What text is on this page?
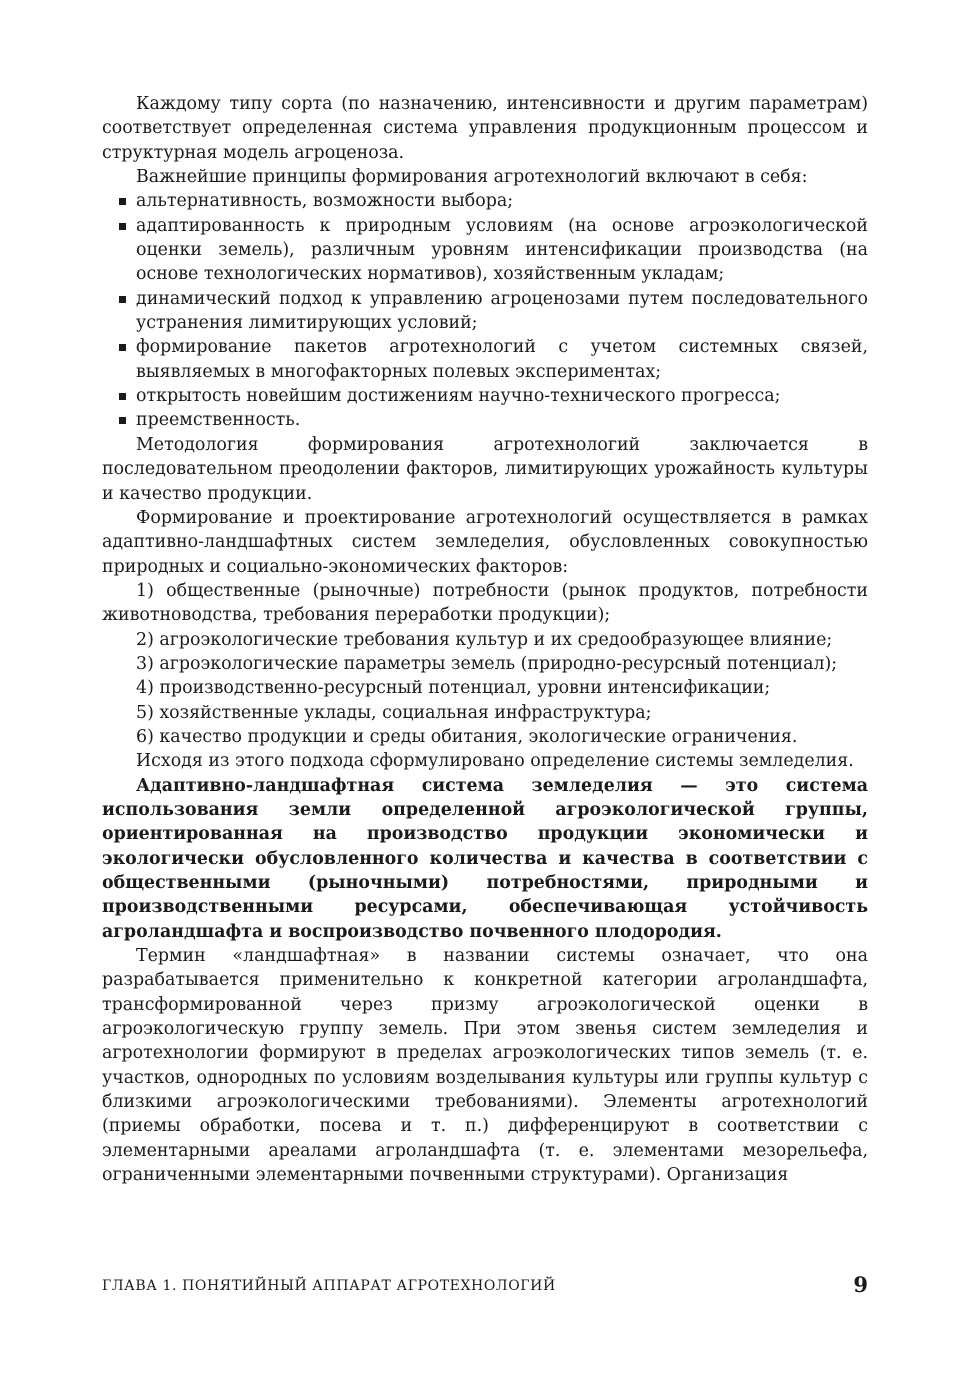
Каждому типу сорта (по назначению, интенсивности и другим параметрам) соответствует определенная система управления продукционным процессом и структурная модель агроценоза.

Важнейшие принципы формирования агротехнологий включают в себя:

альтернативность, возможности выбора;
адаптированность к природным условиям (на основе агроэкологической оценки земель), различным уровням интенсификации производства (на основе технологических нормативов), хозяйственным укладам;
динамический подход к управлению агроценозами путем последовательного устранения лимитирующих условий;
формирование пакетов агротехнологий с учетом системных связей, выявляемых в многофакторных полевых экспериментах;
открытость новейшим достижениям научно-технического прогресса;
преемственность.

Методология формирования агротехнологий заключается в последовательном преодолении факторов, лимитирующих урожайность культуры и качество продукции.

Формирование и проектирование агротехнологий осуществляется в рамках адаптивно-ландшафтных систем земледелия, обусловленных совокупностью природных и социально-экономических факторов:

1) общественные (рыночные) потребности (рынок продуктов, потребности животноводства, требования переработки продукции);

2) агроэкологические требования культур и их средообразующее влияние;

3) агроэкологические параметры земель (природно-ресурсный потенциал);

4) производственно-ресурсный потенциал, уровни интенсификации;

5) хозяйственные уклады, социальная инфраструктура;

6) качество продукции и среды обитания, экологические ограничения.

Исходя из этого подхода сформулировано определение системы земледелия.

Адаптивно-ландшафтная система земледелия — это система использования земли определенной агроэкологической группы, ориентированная на производство продукции экономически и экологически обусловленного количества и качества в соответствии с общественными (рыночными) потребностями, природными и производственными ресурсами, обеспечивающая устойчивость агроландшафта и воспроизводство почвенного плодородия.

Термин «ландшафтная» в названии системы означает, что она разрабатывается применительно к конкретной категории агроландшафта, трансформированной через призму агроэкологической оценки в агроэкологическую группу земель. При этом звенья систем земледелия и агротехнологии формируют в пределах агроэкологических типов земель (т. е. участков, однородных по условиям возделывания культуры или группы культур с близкими агроэкологическими требованиями). Элементы агротехнологий (приемы обработки, посева и т. п.) дифференцируют в соответствии с элементарными ареалами агроландшафта (т. е. элементами мезорельефа, ограниченными элементарными почвенными структурами). Организация

ГЛАВА 1. ПОНЯТИЙНЫЙ АППАРАТ АГРОТЕХНОЛОГИЙ	9
